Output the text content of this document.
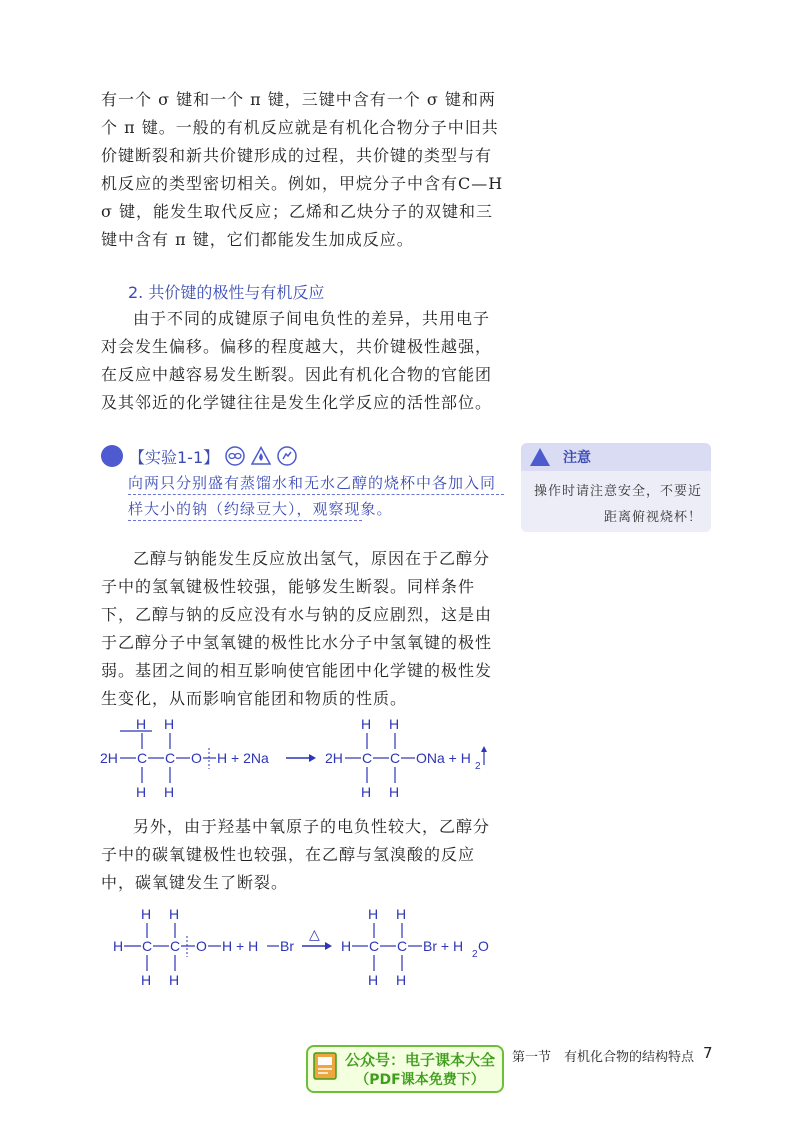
有一个 σ 键和一个 π 键，三键中含有一个 σ 键和两个 π 键。一般的有机反应就是有机化合物分子中旧共价键断裂和新共价键形成的过程，共价键的类型与有机反应的类型密切相关。例如，甲烷分子中含有C—H σ 键，能发生取代反应；乙烯和乙炔分子的双键和三键中含有 π 键，它们都能发生加成反应。

2. 共价键的极性与有机反应

由于不同的成键原子间电负性的差异，共用电子对会发生偏移。偏移的程度越大，共价键极性越强，在反应中越容易发生断裂。因此有机化合物的官能团及其邻近的化学键往往是发生化学反应的活性部位。

【实验1-1】

向两只分别盛有蒸馏水和无水乙醇的烧杯中各加入同样大小的钠（约绿豆大），观察现象。

注意

操作时请注意安全，不要近距离俯视烧杯！

乙醇与钠能发生反应放出氢气，原因在于乙醇分子中的氢氧键极性较强，能够发生断裂。同样条件下，乙醇与钠的反应没有水与钠的反应剧烈，这是由于乙醇分子中氢氧键的极性比水分子中氢氧键的极性弱。基团之间的相互影响使官能团中化学键的极性发生变化，从而影响官能团和物质的性质。

H H
2H C C O H + 2Na
H H
H H
2H C C ONa + H
2
H H

另外，由于羟基中氧原子的电负性较大，乙醇分子中的碳氧键极性也较强，在乙醇与氢溴酸的反应中，碳氧键发生了断裂。

H H
H C C O H + H Br
H H
△
H H
H C C Br + H
2
O
H H
公众号：电子课本大全
（PDF课本免费下）
第一节　有机化合物的结构特点 7
